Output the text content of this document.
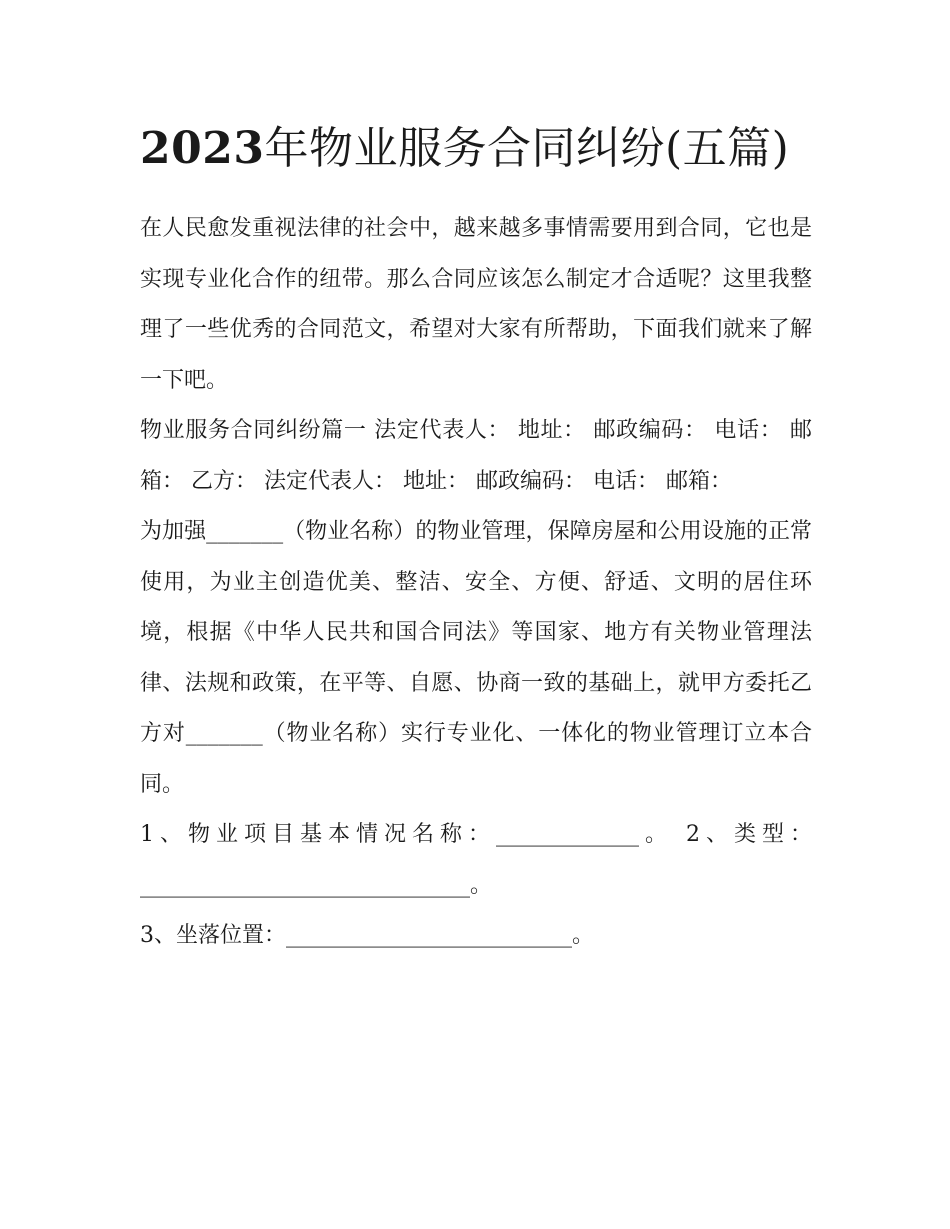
2023年物业服务合同纠纷(五篇)

在人民愈发重视法律的社会中，越来越多事情需要用到合同，它也是实现专业化合作的纽带。那么合同应该怎么制定才合适呢？这里我整理了一些优秀的合同范文，希望对大家有所帮助，下面我们就来了解一下吧。

物业服务合同纠纷篇一 法定代表人： 地址： 邮政编码： 电话： 邮箱： 乙方： 法定代表人： 地址： 邮政编码： 电话： 邮箱：

为加强_______（物业名称）的物业管理，保障房屋和公用设施的正常使用，为业主创造优美、整洁、安全、方便、舒适、文明的居住环境，根据《中华人民共和国合同法》等国家、地方有关物业管理法律、法规和政策，在平等、自愿、协商一致的基础上，就甲方委托乙方对_______（物业名称）实行专业化、一体化的物业管理订立本合同。

1、物业项目基本情况名称：_____________。 2、类型：______________________________。

3、坐落位置：__________________________。
